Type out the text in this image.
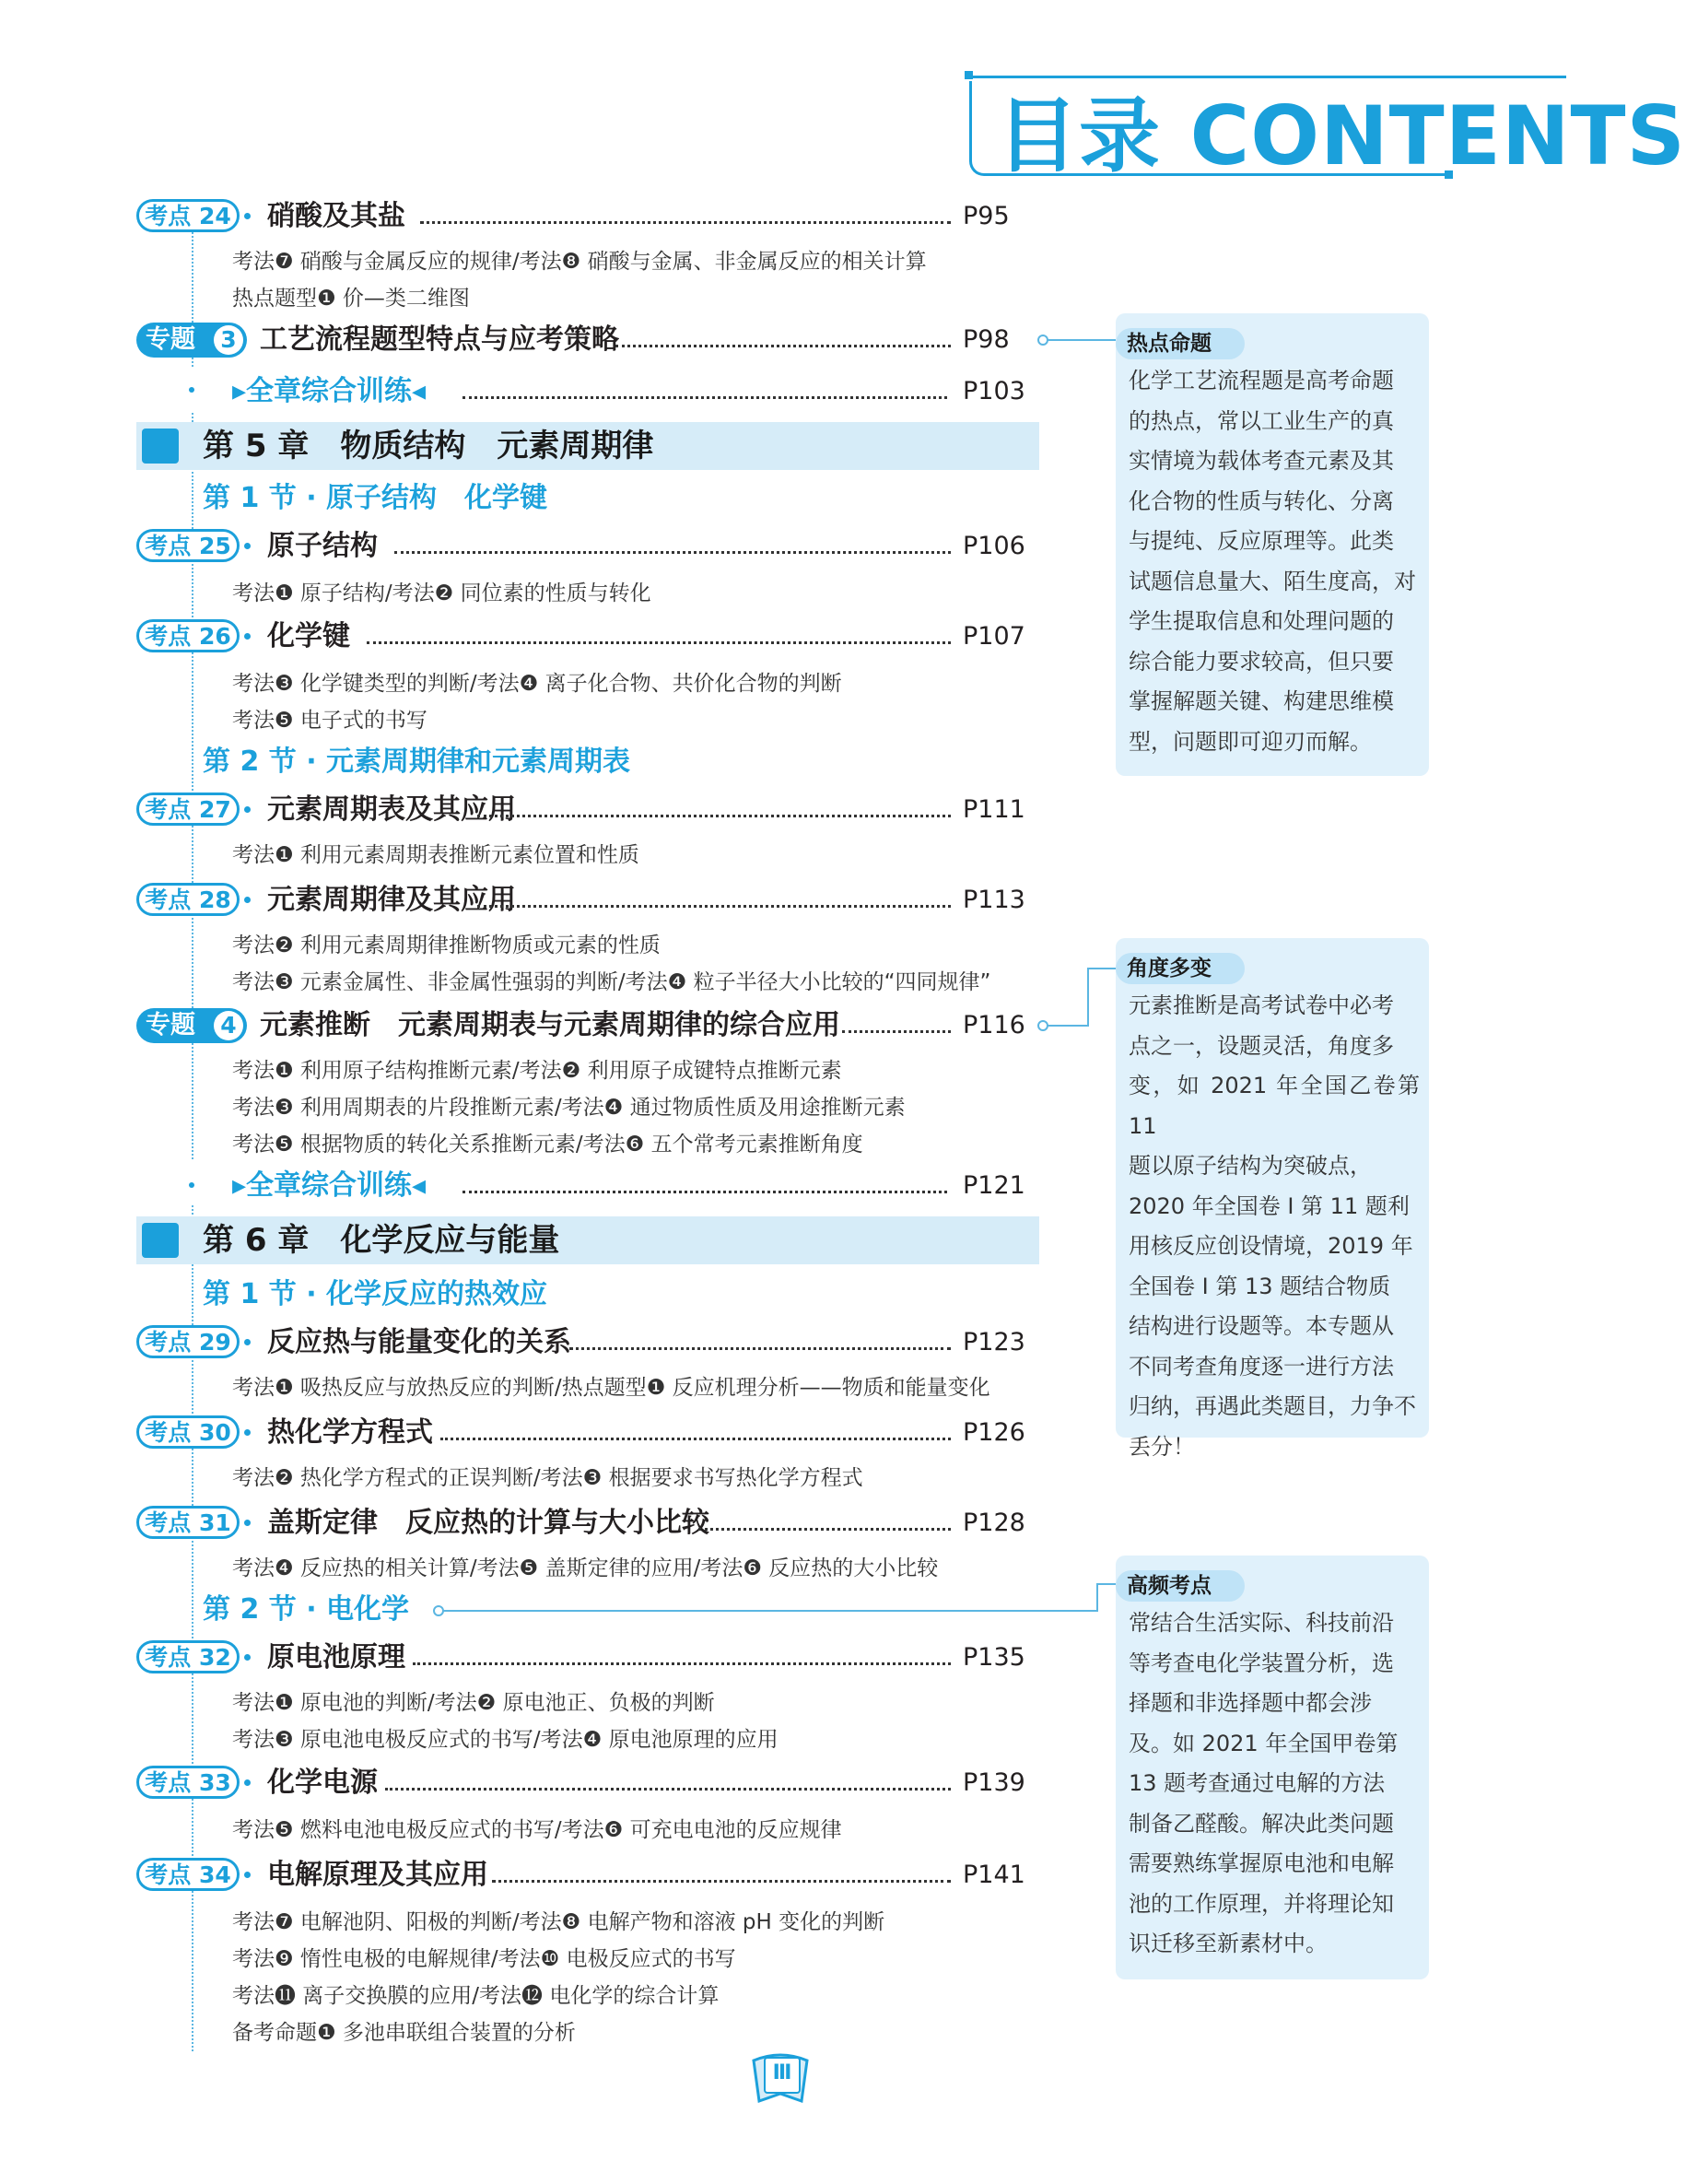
目录 CONTENTS
考点 24	硝酸及其盐	P95
考法❼ 硝酸与金属反应的规律/考法❽ 硝酸与金属、非金属反应的相关计算
热点题型❶ 价—类二维图
专题 3 工艺流程题型特点与应考策略	P98
▸全章综合训练◂	P103
第 5 章　物质结构　元素周期律
第 1 节 · 原子结构　化学键
考点 25	原子结构	P106
考法❶ 原子结构/考法❷ 同位素的性质与转化
考点 26	化学键	P107
考法❸ 化学键类型的判断/考法❹ 离子化合物、共价化合物的判断
考法❺ 电子式的书写
第 2 节 · 元素周期律和元素周期表
考点 27	元素周期表及其应用	P111
考法❶ 利用元素周期表推断元素位置和性质
考点 28	元素周期律及其应用	P113
考法❷ 利用元素周期律推断物质或元素的性质
考法❸ 元素金属性、非金属性强弱的判断/考法❹ 粒子半径大小比较的“四同规律”
专题 4 元素推断　元素周期表与元素周期律的综合应用	P116
考法❶ 利用原子结构推断元素/考法❷ 利用原子成键特点推断元素
考法❸ 利用周期表的片段推断元素/考法❹ 通过物质性质及用途推断元素
考法❺ 根据物质的转化关系推断元素/考法❻ 五个常考元素推断角度
▸全章综合训练◂	P121
第 6 章　化学反应与能量
第 1 节 · 化学反应的热效应
考点 29	反应热与能量变化的关系	P123
考法❶ 吸热反应与放热反应的判断/热点题型❶ 反应机理分析——物质和能量变化
考点 30	热化学方程式	P126
考法❷ 热化学方程式的正误判断/考法❸ 根据要求书写热化学方程式
考点 31	盖斯定律　反应热的计算与大小比较	P128
考法❹ 反应热的相关计算/考法❺ 盖斯定律的应用/考法❻ 反应热的大小比较
第 2 节 · 电化学
考点 32	原电池原理	P135
考法❶ 原电池的判断/考法❷ 原电池正、负极的判断
考法❸ 原电池电极反应式的书写/考法❹ 原电池原理的应用
考点 33	化学电源	P139
考法❺ 燃料电池电极反应式的书写/考法❻ 可充电电池的反应规律
考点 34	电解原理及其应用	P141
考法❼ 电解池阴、阳极的判断/考法❽ 电解产物和溶液 pH 变化的判断
考法❾ 惰性电极的电解规律/考法❿ 电极反应式的书写
考法⓫ 离子交换膜的应用/考法⓬ 电化学的综合计算
备考命题❶ 多池串联组合装置的分析
热点命题
化学工艺流程题是高考命题
的热点，常以工业生产的真
实情境为载体考查元素及其
化合物的性质与转化、分离
与提纯、反应原理等。此类
试题信息量大、陌生度高，对
学生提取信息和处理问题的
综合能力要求较高，但只要
掌握解题关键、构建思维模
型，问题即可迎刃而解。
角度多变
元素推断是高考试卷中必考
点之一，设题灵活，角度多
变，如 2021 年全国乙卷第 11
题以原子结构为突破点，
2020 年全国卷 Ⅰ 第 11 题利
用核反应创设情境，2019 年
全国卷 Ⅰ 第 13 题结合物质
结构进行设题等。本专题从
不同考查角度逐一进行方法
归纳，再遇此类题目，力争不
丢分！
高频考点
常结合生活实际、科技前沿
等考查电化学装置分析，选
择题和非选择题中都会涉
及。如 2021 年全国甲卷第
13 题考查通过电解的方法
制备乙醛酸。解决此类问题
需要熟练掌握原电池和电解
池的工作原理，并将理论知
识迁移至新素材中。
Ⅲ
